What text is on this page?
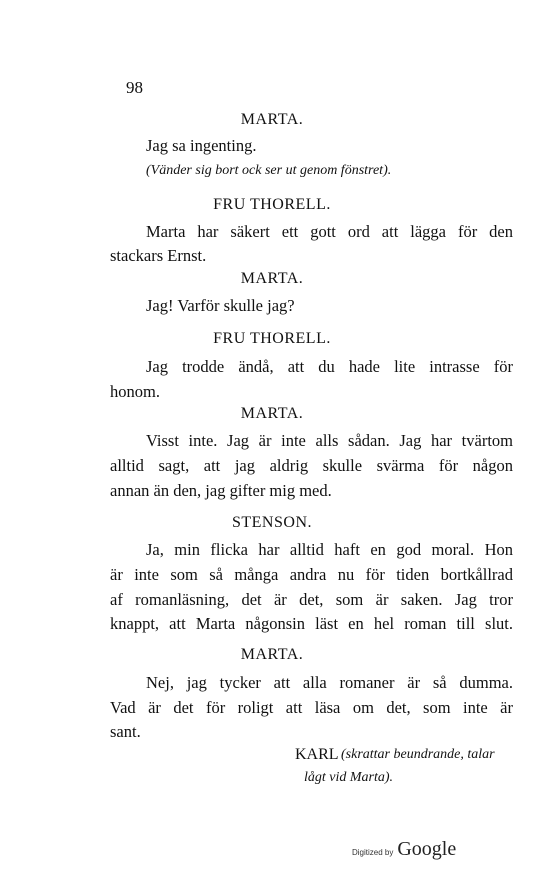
98
MARTA.
Jag sa ingenting.
(Vänder sig bort ock ser ut genom fönstret).
FRU THORELL.
Marta har säkert ett gott ord att lägga för den
stackars Ernst.
MARTA.
Jag! Varför skulle jag?
FRU THORELL.
Jag trodde ändå, att du hade lite intrasse för
honom.
MARTA.
Visst inte. Jag är inte alls sådan. Jag har tvärtom
alltid sagt, att jag aldrig skulle svärma för någon
annan än den, jag gifter mig med.
STENSON.
Ja, min flicka har alltid haft en god moral. Hon
är inte som så många andra nu för tiden bortkållrad
af romanläsning, det är det, som är saken. Jag tror
knappt, att Marta någonsin läst en hel roman till slut.
MARTA.
Nej, jag tycker att alla romaner är så dumma.
Vad är det för roligt att läsa om det, som inte är
sant.
KARL (skrattar beundrande, talar
lågt vid Marta).
Digitized by Google
